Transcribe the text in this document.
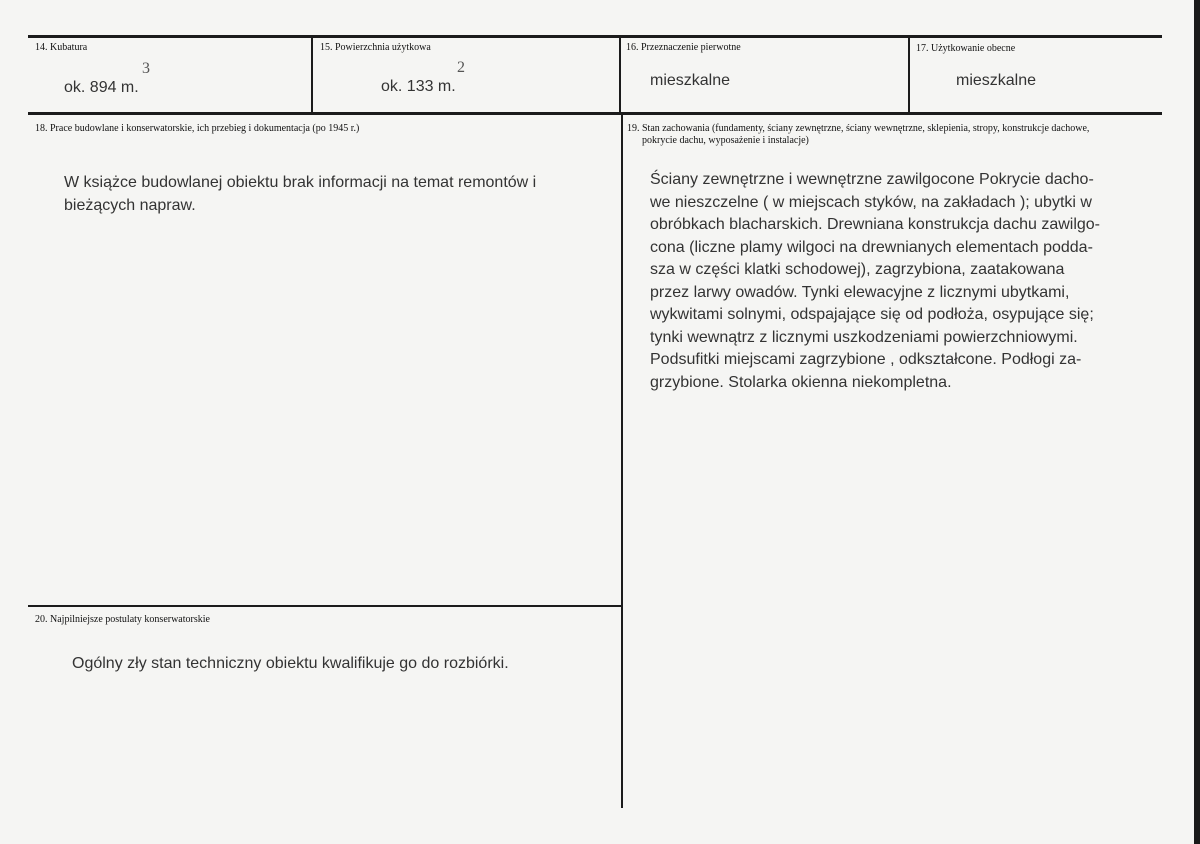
14. Kubatura
3
ok. 894 m.
15. Powierzchnia użytkowa
2
ok. 133 m.
16. Przeznaczenie pierwotne
mieszkalne
17. Użytkowanie obecne
mieszkalne
18. Prace budowlane i konserwatorskie, ich przebieg i dokumentacja (po 1945 r.)
W książce budowlanej obiektu brak informacji na temat remontów i bieżących napraw.
19. Stan zachowania (fundamenty, ściany zewnętrzne, ściany wewnętrzne, sklepienia, stropy, konstrukcje dachowe,
pokrycie dachu, wyposażenie i instalacje)
Ściany zewnętrzne i wewnętrzne zawilgocone Pokrycie dacho-
we nieszczelne ( w miejscach styków, na zakładach ); ubytki w
obróbkach blacharskich. Drewniana konstrukcja dachu zawilgo-
cona (liczne plamy wilgoci na drewnianych elementach podda-
sza w części klatki schodowej), zagrzybiona, zaatakowana
przez larwy owadów. Tynki elewacyjne z licznymi ubytkami,
wykwitami solnymi, odspajające się od podłoża, osypujące się;
tynki wewnątrz z licznymi uszkodzeniami powierzchniowymi.
Podsufitki miejscami zagrzybione , odkształcone. Podłogi za-
grzybione. Stolarka okienna niekompletna.
20. Najpilniejsze postulaty konserwatorskie
Ogólny zły stan techniczny obiektu kwalifikuje go do rozbiórki.
